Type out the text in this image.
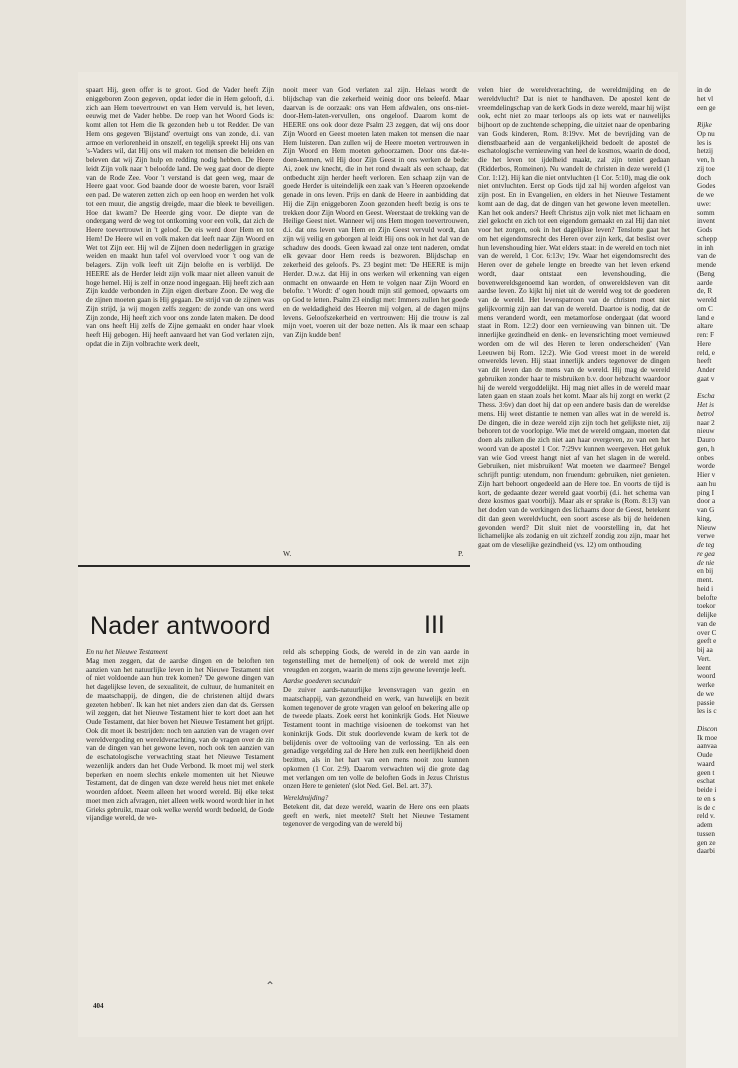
spaart Hij, geen offer is te groot. God de Vader heeft Zijn eniggeboren Zoon gegeven, opdat ieder die in Hem gelooft, d.i. zich aan Hem toevertrouwt en van Hem vervuld is, het leven, eeuwig met de Vader hebbe. De roep van het Woord Gods is: komt allen tot Hem die Ik gezonden heb u tot Redder. De van Hem ons gegeven 'Bijstand' overtuigt ons van zonde, d.i. van armoe en verlorenheid in onszelf, en tegelijk spreekt Hij ons van 's-Vaders wil, dat Hij ons wil maken tot mensen die beleiden en beleven dat wij Zijn hulp en redding nodig hebben. De Heere leidt Zijn volk naar 't beloofde land. De weg gaat door de diepte van de Rode Zee. Voor 't verstand is dat geen weg, maar de Heere gaat voor. God baande door de woeste baren, voor Israël een pad. De wateren zetten zich op een hoop en werden het volk tot een muur, die angstig dreigde, maar die bleek te beveiligen. Hoe dat kwam? De Heerde ging voor. De diepte van de ondergang werd de weg tot ontkoming voor een volk, dat zich de Heere toevertrouwt in 't geloof. De eis werd door Hem en tot Hem! De Heere wil en volk maken dat leeft naar Zijn Woord en Wet tot Zijn eer. Hij wil de Zijnen doen nederliggen in grazige weiden en maakt hun tafel vol overvloed voor 't oog van de belagers. Zijn volk leeft uit Zijn belofte en is verblijd. De HEERE als de Herder leidt zijn volk maar niet alleen vanuit de hoge hemel. Hij is zelf in onze nood ingegaan. Hij heeft zich aan Zijn kudde verbonden in Zijn eigen dierbare Zoon. De weg die de zijnen moeten gaan is Hij gegaan. De strijd van de zijnen was Zijn strijd, ja wij mogen zelfs zeggen: de zonde van ons werd Zijn zonde, Hij heeft zich voor ons zonde laten maken. De dood van ons heeft Hij zelfs de Zijne gemaakt en onder haar vloek heeft Hij gebogen. Hij heeft aanvaard het van God verlaten zijn, opdat die in Zijn volbrachte werk deelt,

nooit meer van God verlaten zal zijn. Helaas wordt de blijdschap van die zekerheid weinig door ons beleefd. Maar daarvan is de oorzaak: ons van Hem afdwalen, ons ons-niet-door-Hem-laten-vervullen, ons ongeloof. Daarom komt de HEERE ons ook door deze Psalm 23 zeggen, dat wij ons door Zijn Woord en Geest moeten laten maken tot mensen die naar Hem luisteren. Dan zullen wij de Heere moeten vertrouwen in Zijn Woord en Hem moeten gehoorzamen. Door ons dat-te-doen-kennen, wil Hij door Zijn Geest in ons werken de bede: Ai, zoek uw knecht, die in het rond dwaalt als een schaap, dat ontbeducht zijn herder heeft verloren. Een schaap zijn van de goede Herder is uiteindelijk een zaak van 's Heeren opzoekende genade in ons leven. Prijs en dank de Heere in aanbidding dat Hij die Zijn eniggeboren Zoon gezonden heeft bezig is ons te trekken door Zijn Woord en Geest. Weerstaat de trekking van de Heilige Geest niet. Wanneer wij ons Hem mogen toevertrouwen, d.i. dat ons leven van Hem en Zijn Geest vervuld wordt, dan zijn wij veilig en geborgen al leidt Hij ons ook in het dal van de schaduw des doods. Geen kwaad zal onze tent naderen, omdat elk gevaar door Hem reeds is bezworen. Blijdschap en zekerheid des geloofs. Ps. 23 begint met: 'De HEERE is mijn Herder. D.w.z. dat Hij in ons werken wil erkenning van eigen onmacht en onwaarde en Hem te volgen naar Zijn Woord en belofte. 't Wordt: d' ogen houdt mijn stil gemoed, opwaarts om op God te letten. Psalm 23 eindigt met: Immers zullen het goede en de weldadigheid des Heeren mij volgen, al de dagen mijns levens. Geloofszekerheid en vertrouwen: Hij die trouw is zal mijn voet, voeren uit der boze netten. Als ik maar een schaap van Zijn kudde ben!

W.	P.
Nader antwoord	III

En nu het Nieuwe Testament

Mag men zeggen, dat de aardse dingen en de beloften ten aanzien van het natuurlijke leven in het Nieuwe Testament niet of niet voldoende aan hun trek komen? 'De gewone dingen van het dagelijkse leven, de sexualiteit, de cultuur, de humaniteit en de maatschappij, de dingen, die de christenen altijd dwars gezeten hebben'. Ik kan het niet anders zien dan dat ds. Gerssen wil zeggen, dat het Nieuwe Testament hier te kort doet aan het Oude Testament, dat hier boven het Nieuwe Testament het grijpt. Ook dit moet ik bestrijden: noch ten aanzien van de vragen over wereldvergoding en wereldverachting, van de vragen over de zin van de dingen van het gewone leven, noch ook ten aanzien van de eschatologische verwachting staat het Nieuwe Testament wezenlijk anders dan het Oude Verbond. Ik moet mij wel sterk beperken en noem slechts enkele momenten uit het Nieuwe Testament, dat de dingen van deze wereld heus niet met enkele woorden afdoet. Neem alleen het woord wereld. Bij elke tekst moet men zich afvragen, niet alleen welk woord wordt hier in het Grieks gebruikt, maar ook welke wereld wordt bedoeld, de Gode vijandige wereld, de we-

reld als schepping Gods, de wereld in de zin van aarde in tegenstelling met de hemel(en) of ook de wereld met zijn vreugden en zorgen, waarin de mens zijn gewone leventje leeft.

Aardse goederen secundair

De zuiver aards-natuurlijke levensvragen van gezin en maatschappij, van gezondheid en werk, van huwelijk en bezit komen tegenover de grote vragen van geloof en bekering alle op de tweede plaats. Zoek eerst het koninkrijk Gods. Het Nieuwe Testament toont in machtige visioenen de toekomst van het koninkrijk Gods. Dit stuk doorlevende kwam de kerk tot de belijdenis over de voltooiing van de verlossing. 'En als een genadige vergelding zal de Here hen zulk een heerlijkheid doen bezitten, als in het hart van een mens nooit zou kunnen opkomen (1 Cor. 2:9). Daarom verwachten wij die grote dag met verlangen om ten volle de beloften Gods in Jezus Christus onzen Here te genieten' (slot Ned. Gel. Bel. art. 37).

Wereldmijding?

Betekent dit, dat deze wereld, waarin de Here ons een plaats geeft en werk, niet meetelt? Stelt het Nieuwe Testament tegenover de vergoding van de wereld bij

velen hier de wereldverachting, de wereldmijding en de wereldvlucht? Dat is niet te handhaven. De apostel kent de vreemdelingschap van de kerk Gods in deze wereld, maar hij wijst ook, echt niet zo maar terloops als op iets wat er nauwelijks bijhoort op de zuchtende schepping, die uitziet naar de openbaring van Gods kinderen, Rom. 8:19vv. Met de bevrijding van de dienstbaarheid aan de vergankelijkheid bedoelt de apostel de eschatologische vernieuwing van heel de kosmos, waarin de dood, die het leven tot ijdelheid maakt, zal zijn teniet gedaan (Ridderbos, Romeinen). Nu wandelt de christen in deze wereld (1 Cor. 1:12). Hij kan die niet ontvluchten (1 Cor. 5:10), mag die ook niet ontvluchten. Eerst op Gods tijd zal hij worden afgelost van zijn post. En in Evangelien, en elders in het Nieuwe Testament komt aan de dag, dat de dingen van het gewone leven meetellen. Kan het ook anders? Heeft Christus zijn volk niet met lichaam en ziel gekocht en zich tot een eigendom gemaakt en zal Hij dan niet voor het zorgen, ook in het dagelijkse leven? Tenslotte gaat het om het eigendomsrecht des Heren over zijn kerk, dat beslist over hun levenshouding hier. Wat elders staat: in de wereld en toch niet van de wereld, 1 Cor. 6:13v; 19v. Waar het eigendomsrecht des Heren over de gehele lengte en breedte van het leven erkend wordt, daar ontstaat een levenshouding, die bovenwereldsgenoemd kan worden, of onwereldsleven van dit aardse leven. Zo kijkt hij niet uit de wereld weg tot de goederen van de wereld. Het levenspatroon van de christen moet niet gelijkvormig zijn aan dat van de wereld. Daartoe is nodig, dat de mens veranderd wordt, een metamorfose ondergaat (dat woord staat in Rom. 12:2) door een vernieuwing van binnen uit. 'De innerlijke gezindheid en denk- en levensrichting moet vernieuwd worden om de wil des Heren te leren onderscheiden' (Van Leeuwen bij Rom. 12:2). Wie God vreest moet in de wereld onwerelds leven. Hij staat innerlijk anders tegenover de dingen van dit leven dan de mens van de wereld. Hij mag de wereld gebruiken zonder haar te misbruiken b.v. door hebzucht waardoor hij de wereld vergoddelijkt. Hij mag niet alles in de wereld maar laten gaan en staan zoals het komt. Maar als hij zorgt en werkt (2 Thess. 3:6v) dan doet hij dat op een andere basis dan de wereldse mens. Hij weet distantie te nemen van alles wat in de wereld is. De dingen, die in deze wereld zijn zijn toch het gelijkste niet, zij behoren tot de voorlopige. Wie met de wereld omgaan, moeten dat doen als zulken die zich niet aan haar overgeven, zo van een het woord van de apostel 1 Cor. 7:29vv kunnen weergeven. Het geluk van wie God vreest hangt niet af van het slagen in de wereld. Gebruiken, niet misbruiken! Wat moeten we daarmee? Bengel schrijft puntig: utendum, non fruendum: gebruiken, niet genieten. Zijn hart behoort ongedeeld aan de Here toe. En voorts de tijd is kort, de gedaante dezer wereld gaat voorbij (d.i. het schema van deze kosmos gaat voorbij). Maar als er sprake is (Rom. 8:13) van het doden van de werkingen des lichaams door de Geest, betekent dit dan geen wereldvlucht, een soort ascese als bij de heidenen gevonden werd? Dit sluit niet de voorstelling in, dat het lichamelijke als zodanig en uit zichzelf zondig zou zijn, maar het gaat om de vleselijke gezindheid (vs. 12) om onthouding

404
⌃
in de
het vl
een ge

Rijke
Op nu
les is
hetzij
ven, h
zij toe
doch
Godes
de we
uwe:
somm
invent
Gods
schepp
in inh
van de
mende
(Beng
aarde
de, R
wereld
om C
land e
altare
ren: F
Here
reld, e
heeft
Ander
gaat v

Escha
Het is
betrol
naar 2
nieuw
Dauro
gen, h
onbes
worde
Hier v
aan hu
ping I
door a
van G
king,
Nieuw
verwe
de teg
re gea
de nie
en bij
ment.
heid i
belofte
toekor
delijke
van de
over C
geeft e
bij aa
Vert.
leent
woord
werke
de we
passie
les is c

Discon
Ik moe
aanvaa
Oude
waard
geen t
eschat
beide i
te en s
is de c
reld v.
adem
tussen
gen ze
daarbi
